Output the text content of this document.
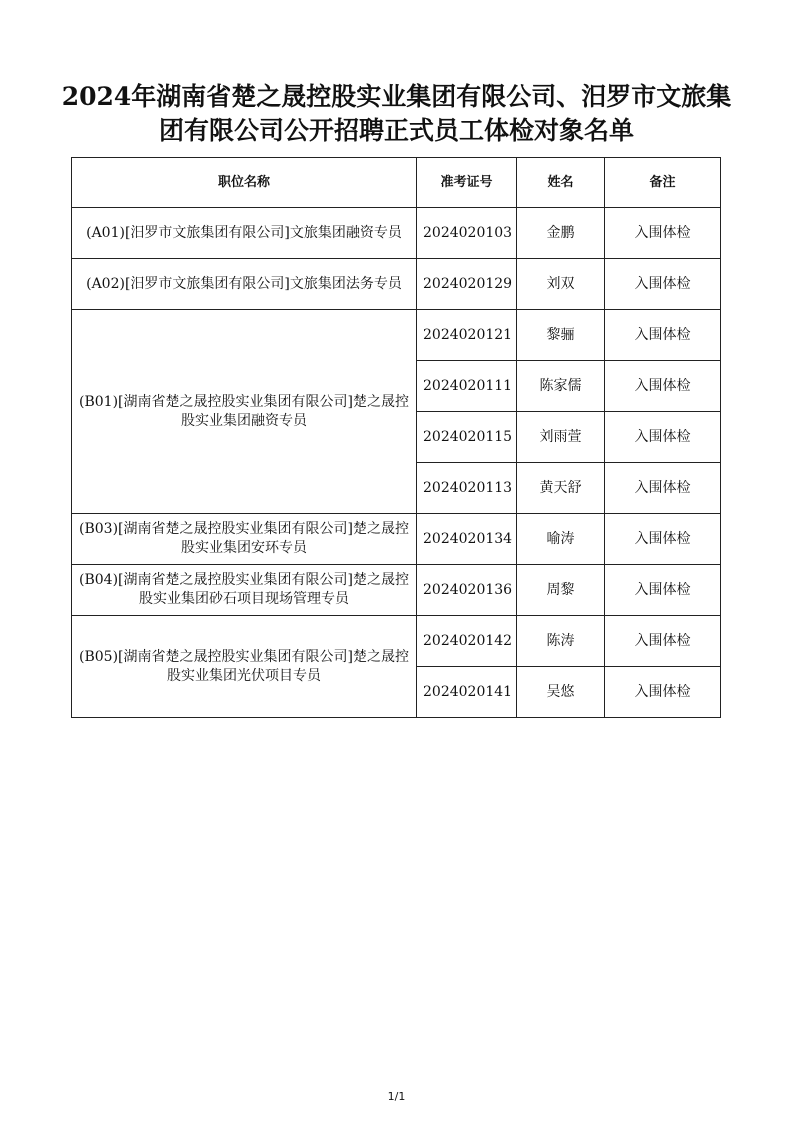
2024年湖南省楚之晟控股实业集团有限公司、汨罗市文旅集
团有限公司公开招聘正式员工体检对象名单
职位名称	准考证号	姓名	备注
(A01)[汨罗市文旅集团有限公司]文旅集团融资专员	2024020103	金鹏	入围体检
(A02)[汨罗市文旅集团有限公司]文旅集团法务专员	2024020129	刘双	入围体检
(B01)[湖南省楚之晟控股实业集团有限公司]楚之晟控股实业集团融资专员	2024020121	黎骊	入围体检
	2024020111	陈家儒	入围体检
	2024020115	刘雨萱	入围体检
	2024020113	黄天舒	入围体检
(B03)[湖南省楚之晟控股实业集团有限公司]楚之晟控股实业集团安环专员	2024020134	喻涛	入围体检
(B04)[湖南省楚之晟控股实业集团有限公司]楚之晟控股实业集团砂石项目现场管理专员	2024020136	周黎	入围体检
(B05)[湖南省楚之晟控股实业集团有限公司]楚之晟控股实业集团光伏项目专员	2024020142	陈涛	入围体检
	2024020141	吴悠	入围体检
1/1
